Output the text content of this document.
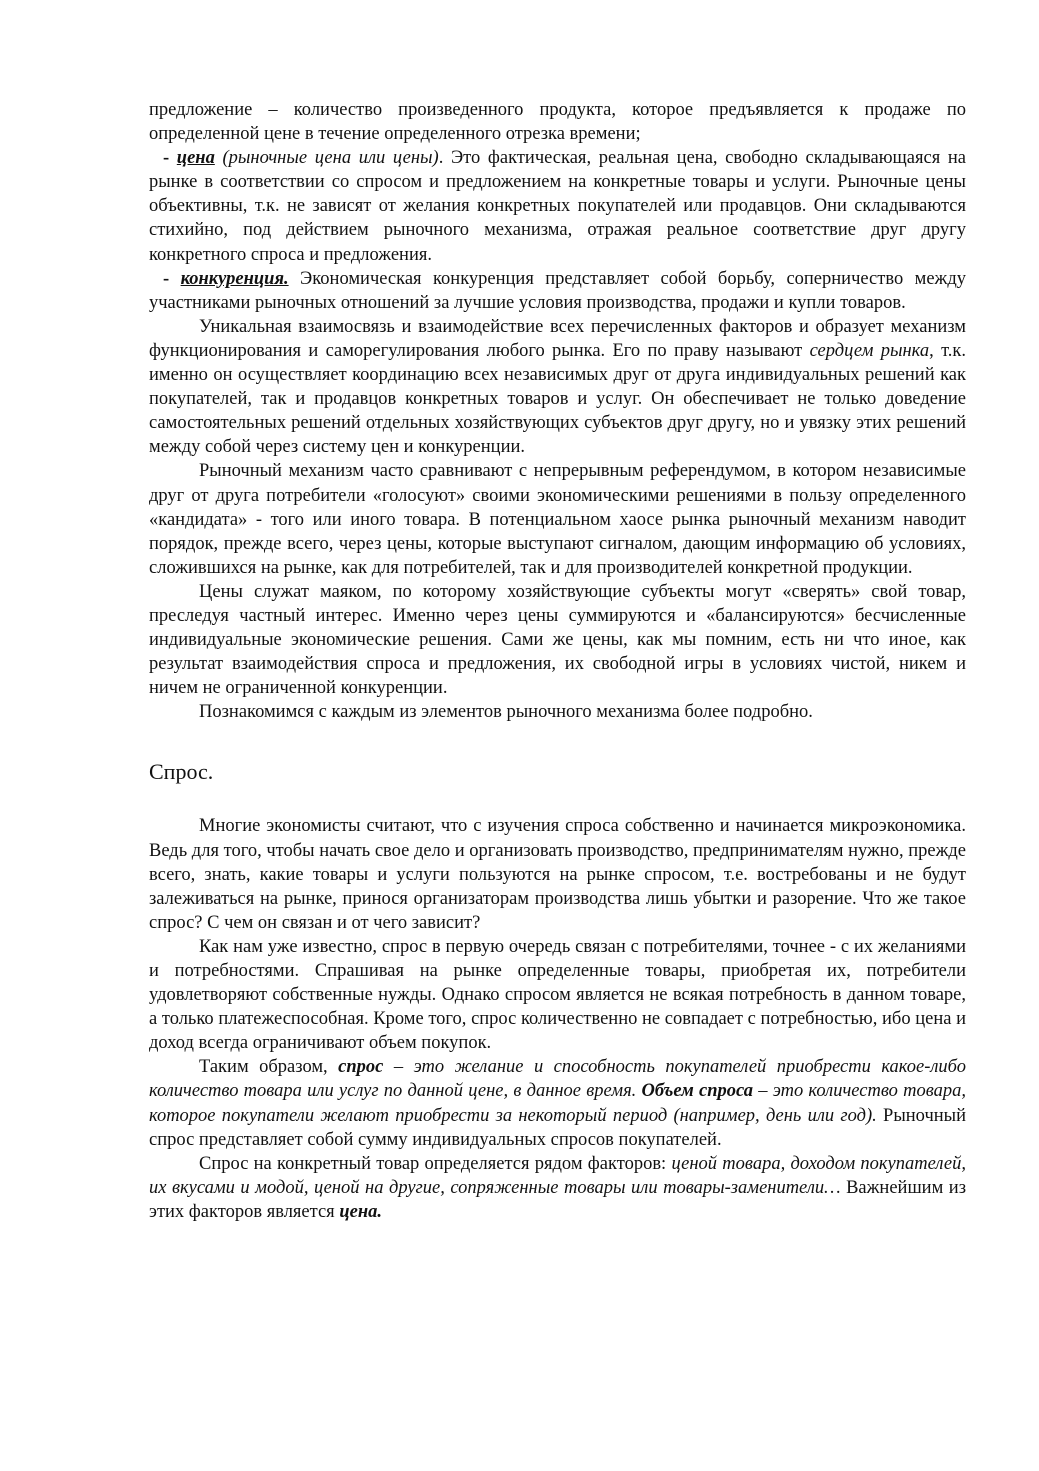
предложение – количество произведенного продукта, которое предъявляется к продаже по определенной цене в течение определенного отрезка времени;

- цена (рыночные цена или цены). Это фактическая, реальная цена, свободно складывающаяся на рынке в соответствии со спросом и предложением на конкретные товары и услуги. Рыночные цены объективны, т.к. не зависят от желания конкретных покупателей или продавцов. Они складываются стихийно, под действием рыночного механизма, отражая реальное соответствие друг другу конкретного спроса и предложения.

- конкуренция. Экономическая конкуренция представляет собой борьбу, соперничество между участниками рыночных отношений за лучшие условия производства, продажи и купли товаров.

Уникальная взаимосвязь и взаимодействие всех перечисленных факторов и образует механизм функционирования и саморегулирования любого рынка. Его по праву называют сердцем рынка, т.к. именно он осуществляет координацию всех независимых друг от друга индивидуальных решений как покупателей, так и продавцов конкретных товаров и услуг. Он обеспечивает не только доведение самостоятельных решений отдельных хозяйствующих субъектов друг другу, но и увязку этих решений между собой через систему цен и конкуренции.

Рыночный механизм часто сравнивают с непрерывным референдумом, в котором независимые друг от друга потребители «голосуют» своими экономическими решениями в пользу определенного «кандидата» - того или иного товара. В потенциальном хаосе рынка рыночный механизм наводит порядок, прежде всего, через цены, которые выступают сигналом, дающим информацию об условиях, сложившихся на рынке, как для потребителей, так и для производителей конкретной продукции.

Цены служат маяком, по которому хозяйствующие субъекты могут «сверять» свой товар, преследуя частный интерес. Именно через цены суммируются и «балансируются» бесчисленные индивидуальные экономические решения. Сами же цены, как мы помним, есть ни что иное, как результат взаимодействия спроса и предложения, их свободной игры в условиях чистой, никем и ничем не ограниченной конкуренции.

Познакомимся с каждым из элементов рыночного механизма более подробно.

Спрос.

Многие экономисты считают, что с изучения спроса собственно и начинается микроэкономика. Ведь для того, чтобы начать свое дело и организовать производство, предпринимателям нужно, прежде всего, знать, какие товары и услуги пользуются на рынке спросом, т.е. востребованы и не будут залеживаться на рынке, принося организаторам производства лишь убытки и разорение. Что же такое спрос? С чем он связан и от чего зависит?

Как нам уже известно, спрос в первую очередь связан с потребителями, точнее - с их желаниями и потребностями. Спрашивая на рынке определенные товары, приобретая их, потребители удовлетворяют собственные нужды. Однако спросом является не всякая потребность в данном товаре, а только платежеспособная. Кроме того, спрос количественно не совпадает с потребностью, ибо цена и доход всегда ограничивают объем покупок.

Таким образом, спрос – это желание и способность покупателей приобрести какое-либо количество товара или услуг по данной цене, в данное время. Объем спроса – это количество товара, которое покупатели желают приобрести за некоторый период (например, день или год). Рыночный спрос представляет собой сумму индивидуальных спросов покупателей.

Спрос на конкретный товар определяется рядом факторов: ценой товара, доходом покупателей, их вкусами и модой, ценой на другие, сопряженные товары или товары-заменители… Важнейшим из этих факторов является цена.
